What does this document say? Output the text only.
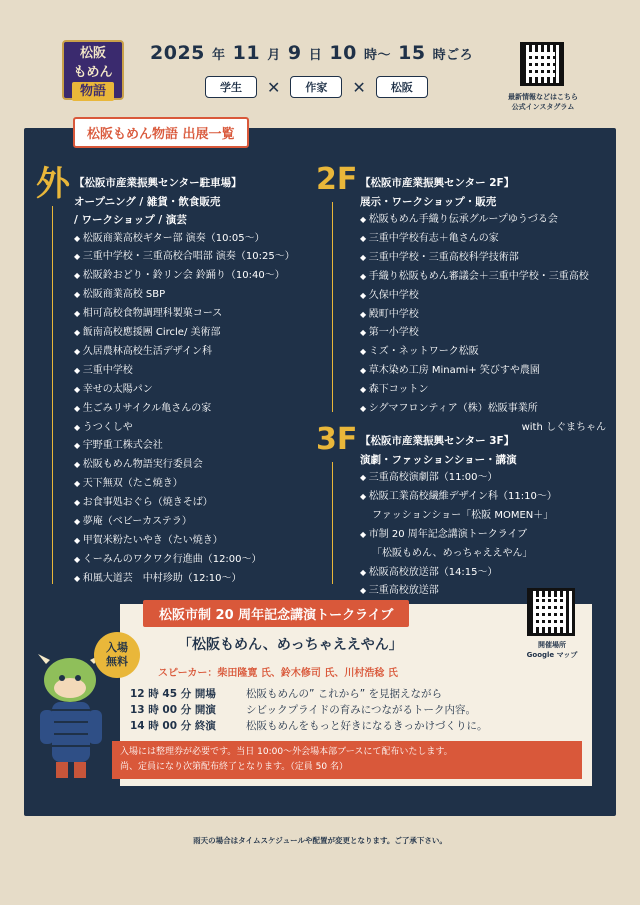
松阪
もめん
物語
2025 年 11 月 9 日 10 時〜 15 時ごろ
学生	✕	作家	✕	松阪
最新情報などはこちら
公式インスタグラム
松阪もめん物語 出展一覧
外 【松阪市産業振興センター駐車場】
オープニング / 雑貨・飲食販売
/ ワークショップ / 演芸
◆ 松阪商業高校ギター部 演奏（10:05〜）
◆ 三重中学校・三重高校合唱部 演奏（10:25〜）
◆ 松阪鈴おどり・鈴リン会 鈴踊り（10:40〜）
◆ 松阪商業高校 SBP
◆ 相可高校食物調理科製菓コース
◆ 飯南高校應援團 Circle/ 美術部
◆ 久居農林高校生活デザイン科
◆ 三重中学校
◆ 幸せの太陽パン
◆ 生ごみリサイクル亀さんの家
◆ うつくしや
◆ 宇野重工株式会社
◆ 松阪もめん物語実行委員会
◆ 天下無双（たこ焼き）
◆ お食事処おぐら（焼きそば）
◆ 夢庵（ベビーカステラ）
◆ 甲賀米粉たいやき（たい焼き）
◆ くーみんのワクワク行進曲（12:00〜）
◆ 和風大道芸　中村珍助（12:10〜）
2F 【松阪市産業振興センター 2F】
展示・ワークショップ・販売
◆ 松阪もめん手織り伝承グループゆうづる会
◆ 三重中学校有志＋亀さんの家
◆ 三重中学校・三重高校科学技術部
◆ 手織り松阪もめん審議会＋三重中学校・三重高校
◆ 久保中学校
◆ 殿町中学校
◆ 第一小学校
◆ ミズ・ネットワーク松阪
◆ 草木染め工房 Minami+ 笑びすや農園
◆ 森下コットン
◆ シグマフロンティア（株）松阪事業所
with しぐまちゃん
3F 【松阪市産業振興センター 3F】
演劇・ファッションショー・講演
◆ 三重高校演劇部（11:00〜）
◆ 松阪工業高校繊維デザイン科（11:10〜）
ファッションショー「松阪 MOMEN＋」
◆ 市制 20 周年記念講演トークライブ
「松阪もめん、めっちゃええやん」
◆ 松阪高校放送部（14:15〜）
◆ 三重高校放送部
松阪市制 20 周年記念講演トークライブ
開催場所
Google マップ
入場
無料
「松阪もめん、めっちゃええやん」
スピーカー：柴田隆寛 氏、鈴木修司 氏、川村浩稔 氏
12 時 45 分 開場	松阪もめんの” これから” を見据えながら
13 時 00 分 開演	シビックプライドの育みにつながるトーク内容。
14 時 00 分 終演	松阪もめんをもっと好きになるきっかけづくりに。
入場には整理券が必要です。当日 10:00〜外会場本部ブースにて配布いたします。
尚、定員になり次第配布終了となります。（定員 50 名）
雨天の場合はタイムスケジュールや配置が変更となります。ご了承下さい。
